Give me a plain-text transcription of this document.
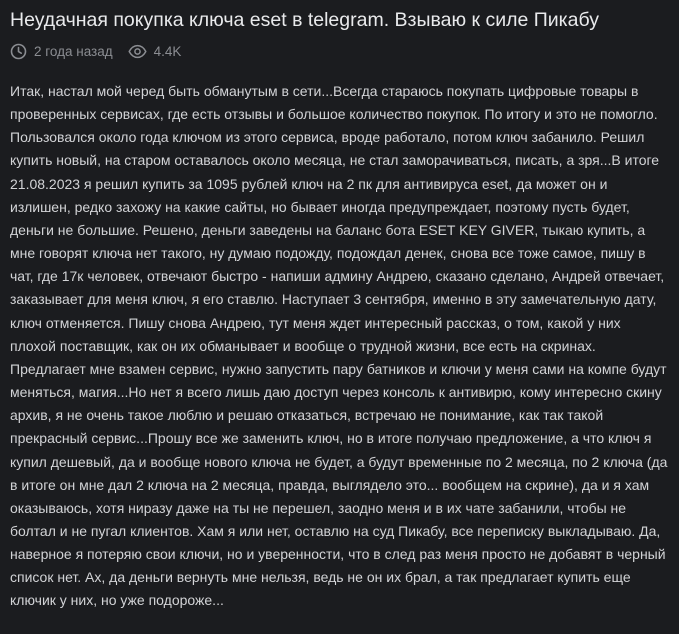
Неудачная покупка ключа eset в telegram. Взываю к силе Пикабу
2 года назад	4.4K

Итак, настал мой черед быть обманутым в сети...Всегда стараюсь покупать цифровые товары в проверенных сервисах, где есть отзывы и большое количество покупок. По итогу и это не помогло. Пользовался около года ключом из этого сервиса, вроде работало, потом ключ забанило. Решил купить новый, на старом оставалось около месяца, не стал заморачиваться, писать, а зря...В итоге 21.08.2023 я решил купить за 1095 рублей ключ на 2 пк для антивируса eset, да может он и излишен, редко захожу на какие сайты, но бывает иногда предупреждает, поэтому пусть будет, деньги не большие. Решено, деньги заведены на баланс бота ESET KEY GIVER, тыкаю купить, а мне говорят ключа нет такого, ну думаю подожду, подождал денек, снова все тоже самое, пишу в чат, где 17к человек, отвечают быстро - напиши админу Андрею, сказано сделано, Андрей отвечает, заказывает для меня ключ, я его ставлю. Наступает 3 сентября, именно в эту замечательную дату, ключ отменяется. Пишу снова Андрею, тут меня ждет интересный рассказ, о том, какой у них плохой поставщик, как он их обманывает и вообще о трудной жизни, все есть на скринах. Предлагает мне взамен сервис, нужно запустить пару батников и ключи у меня сами на компе будут меняться, магия...Но нет я всего лишь даю доступ через консоль к антивирю, кому интересно скину архив, я не очень такое люблю и решаю отказаться, встречаю не понимание, как так такой прекрасный сервис...Прошу все же заменить ключ, но в итоге получаю предложение, а что ключ я купил дешевый, да и вообще нового ключа не будет, а будут временные по 2 месяца, по 2 ключа (да в итоге он мне дал 2 ключа на 2 месяца, правда, выглядело это... вообщем на скрине), да и я хам оказываюсь, хотя ниразу даже на ты не перешел, заодно меня и в их чате забанили, чтобы не болтал и не пугал клиентов. Хам я или нет, оставлю на суд Пикабу, все переписку выкладываю. Да, наверное я потеряю свои ключи, но и уверенности, что в след раз меня просто не добавят в черный список нет. Ах, да деньги вернуть мне нельзя, ведь не он их брал, а так предлагает купить еще ключик у них, но уже подороже...
